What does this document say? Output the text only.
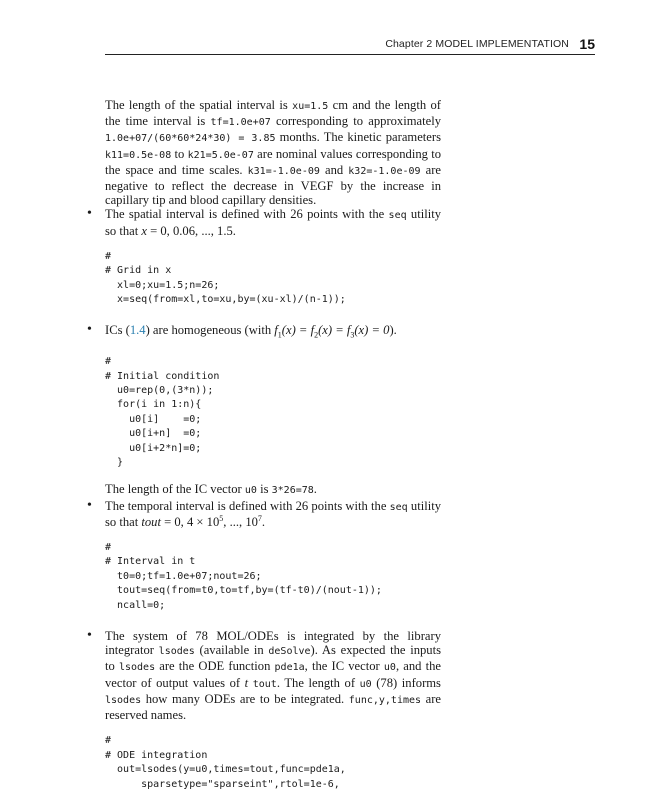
Chapter 2 MODEL IMPLEMENTATION 15

The length of the spatial interval is xu=1.5 cm and the length of the time interval is tf=1.0e+07 corresponding to approximately 1.0e+07/(60*60*24*30) = 3.85 months. The kinetic parameters k11=0.5e-08 to k21=5.0e-07 are nominal values corresponding to the space and time scales. k31=-1.0e-09 and k32=-1.0e-09 are negative to reflect the decrease in VEGF by the increase in capillary tip and blood capillary densities.

• The spatial interval is defined with 26 points with the seq utility so that x = 0, 0.06, ..., 1.5.
#
# Grid in x
xl=0;xu=1.5;n=26;
x=seq(from=xl,to=xu,by=(xu-xl)/(n-1));
• ICs (1.4) are homogeneous (with $f_1(x) = f_2(x) = f_3(x) = 0$).
#
# Initial condition
u0=rep(0,(3*n));
for(i in 1:n){
u0[i]    =0;
u0[i+n]  =0;
u0[i+2*n]=0;
}

The length of the IC vector u0 is 3*26=78.

• The temporal interval is defined with 26 points with the seq utility so that tout = 0, $4 \times 10^5$, ..., $10^7$.
#
# Interval in t
t0=0;tf=1.0e+07;nout=26;
tout=seq(from=t0,to=tf,by=(tf-t0)/(nout-1));
ncall=0;
• The system of 78 MOL/ODEs is integrated by the library integrator lsodes (available in deSolve). As expected the inputs to lsodes are the ODE function pde1a, the IC vector u0, and the vector of output values of t tout. The length of u0 (78) informs lsodes how many ODEs are to be integrated. func,y,times are reserved names.
#
# ODE integration
out=lsodes(y=u0,times=tout,func=pde1a,
sparsetype="sparseint",rtol=1e-6,
